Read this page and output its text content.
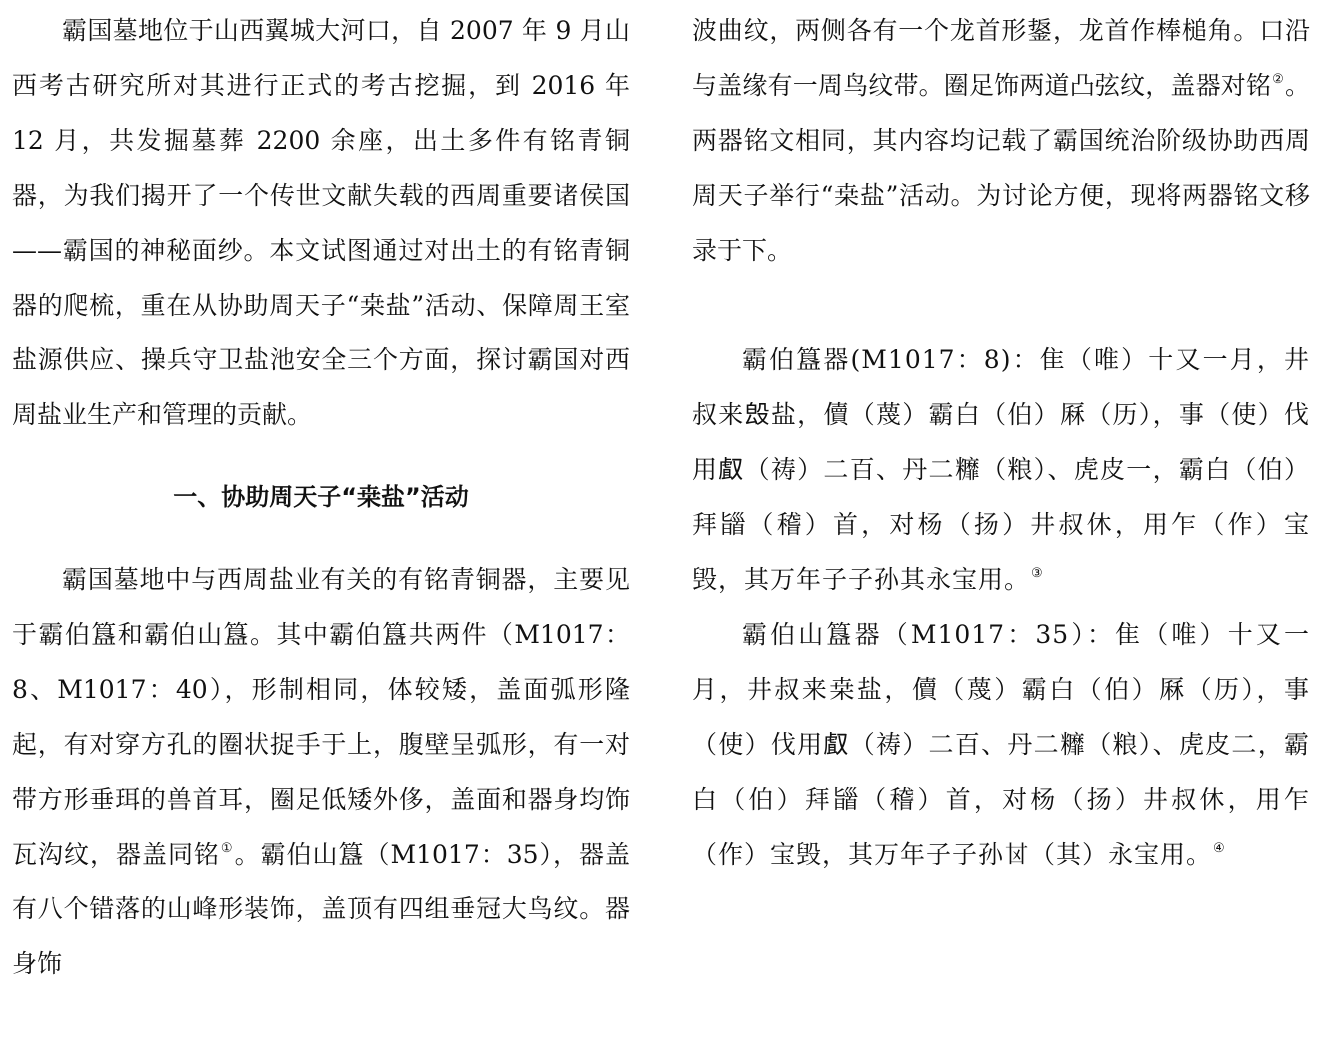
霸国墓地位于山西翼城大河口，自 2007 年 9 月山西考古研究所对其进行正式的考古挖掘，到 2016 年 12 月，共发掘墓葬 2200 余座，出土多件有铭青铜器，为我们揭开了一个传世文献失载的西周重要诸侯国——霸国的神秘面纱。本文试图通过对出土的有铭青铜器的爬梳，重在从协助周天子“桒盐”活动、保障周王室盐源供应、操兵守卫盐池安全三个方面，探讨霸国对西周盐业生产和管理的贡献。

一、协助周天子“桒盐”活动

霸国墓地中与西周盐业有关的有铭青铜器，主要见于霸伯簋和霸伯山簋。其中霸伯簋共两件（M1017：8、M1017：40），形制相同，体较矮，盖面弧形隆起，有对穿方孔的圈状捉手于上，腹壁呈弧形，有一对带方形垂珥的兽首耳，圈足低矮外侈，盖面和器身均饰瓦沟纹，器盖同铭①。霸伯山簋（M1017：35），器盖有八个错落的山峰形装饰，盖顶有四组垂冠大鸟纹。器身饰

波曲纹，两侧各有一个龙首形鋬，龙首作棒槌角。口沿与盖缘有一周鸟纹带。圈足饰两道凸弦纹，盖器对铭②。两器铭文相同，其内容均记载了霸国统治阶级协助西周周天子举行“桒盐”活动。为讨论方便，现将两器铭文移录于下。

霸伯簋器(M1017：8)：隹（唯）十又一月，井叔来𣪕盐，儥（蔑）霸白（伯）厤（历），事（使）伐用𠭯（祷）二百、丹二䊳（粮）、虎皮一，霸白（伯）拜䭬（稽）首，对杨（扬）井叔休，用乍（作）宝毁，其万年子子孙其永宝用。③

霸伯山簋器（M1017：35）：隹（唯）十又一月，井叔来桒盐，儥（蔑）霸白（伯）厤（历），事（使）伐用𠭯（祷）二百、丹二䊳（粮）、虎皮二，霸白（伯）拜䭬（稽）首，对杨（扬）井叔休，用乍（作）宝毁，其万年子子孙𠀠（其）永宝用。④
